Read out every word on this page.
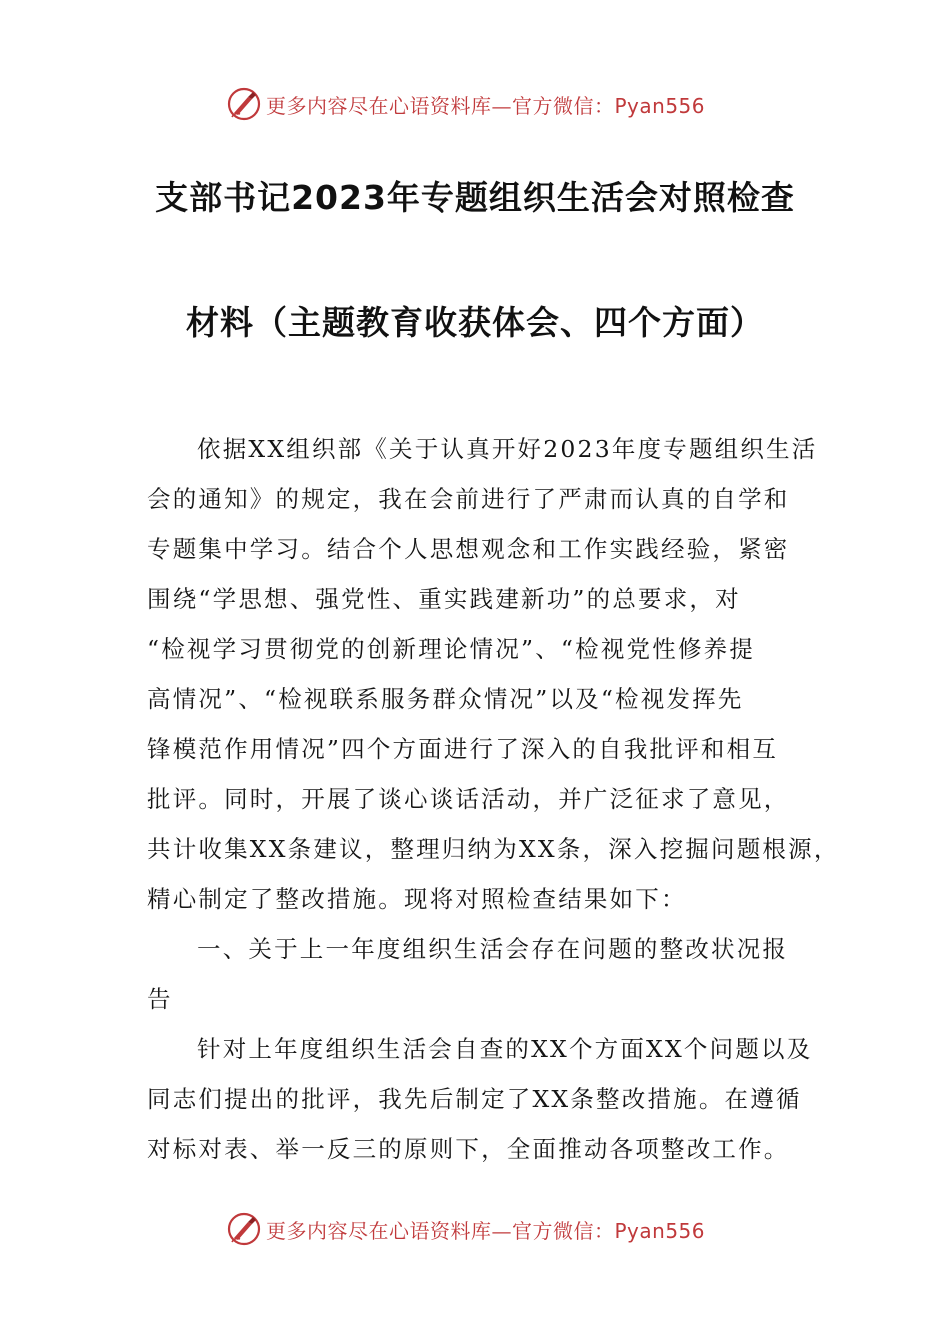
更多内容尽在心语资料库—官方微信：Pyan556
支部书记2023年专题组织生活会对照检查
材料（主题教育收获体会、四个方面）
依据XX组织部《关于认真开好2023年度专题组织生活
会的通知》的规定，我在会前进行了严肃而认真的自学和
专题集中学习。结合个人思想观念和工作实践经验，紧密
围绕“学思想、强党性、重实践建新功”的总要求，对
“检视学习贯彻党的创新理论情况”、“检视党性修养提
高情况”、“检视联系服务群众情况”以及“检视发挥先
锋模范作用情况”四个方面进行了深入的自我批评和相互
批评。同时，开展了谈心谈话活动，并广泛征求了意见，
共计收集XX条建议，整理归纳为XX条，深入挖掘问题根源，
精心制定了整改措施。现将对照检查结果如下：
一、关于上一年度组织生活会存在问题的整改状况报
告
针对上年度组织生活会自查的XX个方面XX个问题以及
同志们提出的批评，我先后制定了XX条整改措施。在遵循
对标对表、举一反三的原则下，全面推动各项整改工作。
更多内容尽在心语资料库—官方微信：Pyan556
